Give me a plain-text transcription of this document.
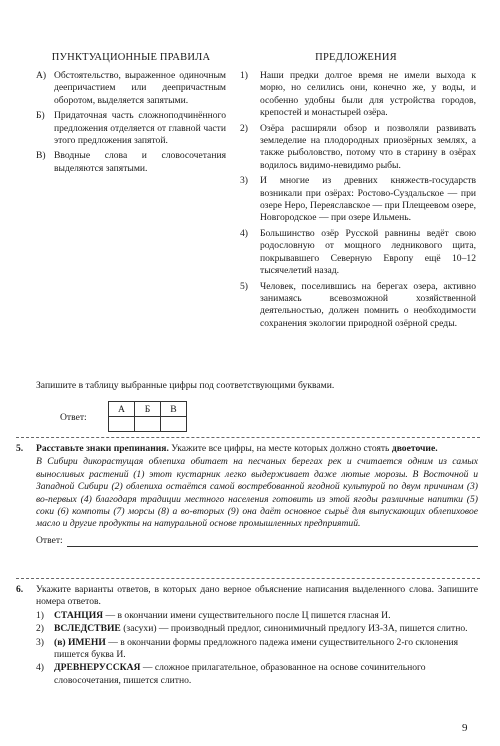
ПУНКТУАЦИОННЫЕ ПРАВИЛА	ПРЕДЛОЖЕНИЯ
А) Обстоятельство, выраженное одиночным деепричастием или деепричастным оборотом, выделяется запятыми.
Б) Придаточная часть сложноподчинённого предложения отделяется от главной части этого предложения запятой.
В) Вводные слова и словосочетания выделяются запятыми.
1)	Наши предки долгое время не имели выхода к морю, но селились они, конечно же, у воды, и особенно удобны были для устройства городов, крепостей и монастырей озёра.
2)	Озёра расширяли обзор и позволяли развивать земледелие на плодородных приозёрных землях, а также рыболовство, потому что в старину в озёрах водилось видимо-невидимо рыбы.
3)	И многие из древних княжеств-государств возникали при озёрах: Ростово-Суздальское — при озере Неро, Переяславское — при Плещеевом озере, Новгородское — при озере Ильмень.
4)	Большинство озёр Русской равнины ведёт свою родословную от мощного ледникового щита, покрывавшего Северную Европу ещё 10–12 тысячелетий назад.
5)	Человек, поселившись на берегах озера, активно занимаясь всевозможной хозяйственной деятельностью, должен помнить о необходимости сохранения экологии природной озёрной среды.
Запишите в таблицу выбранные цифры под соответствующими буквами.
Ответ:
А	Б	В

5. Расставьте знаки препинания. Укажите все цифры, на месте которых должно стоять двоеточие.
В Сибири дикорастущая облепиха обитает на песчаных берегах рек и считается одним из самых выносливых растений (1) этот кустарник легко выдерживает даже лютые морозы. В Восточной и Западной Сибири (2) облепиха остаётся самой востребованной ягодной культурой по двум причинам (3) во-первых (4) благодаря традиции местного населения готовить из этой ягоды различные напитки (5) соки (6) компоты (7) морсы (8) а во-вторых (9) она даёт основное сырьё для выпускающих облепиховое масло и другие продукты на натуральной основе промышленных предприятий.
Ответ:
6. Укажите варианты ответов, в которых дано верное объяснение написания выделенного слова. Запишите номера ответов.
1)	СТАНЦИЯ — в окончании имени существительного после Ц пишется гласная И.
2)	ВСЛЕДСТВИЕ (засухи) — производный предлог, синонимичный предлогу ИЗ-ЗА, пишется слитно.
3)	(в) ИМЕНИ — в окончании формы предложного падежа имени существительного 2-го склонения пишется буква И.
4)	ДРЕВНЕРУССКАЯ — сложное прилагательное, образованное на основе сочинительного словосочетания, пишется слитно.
9
